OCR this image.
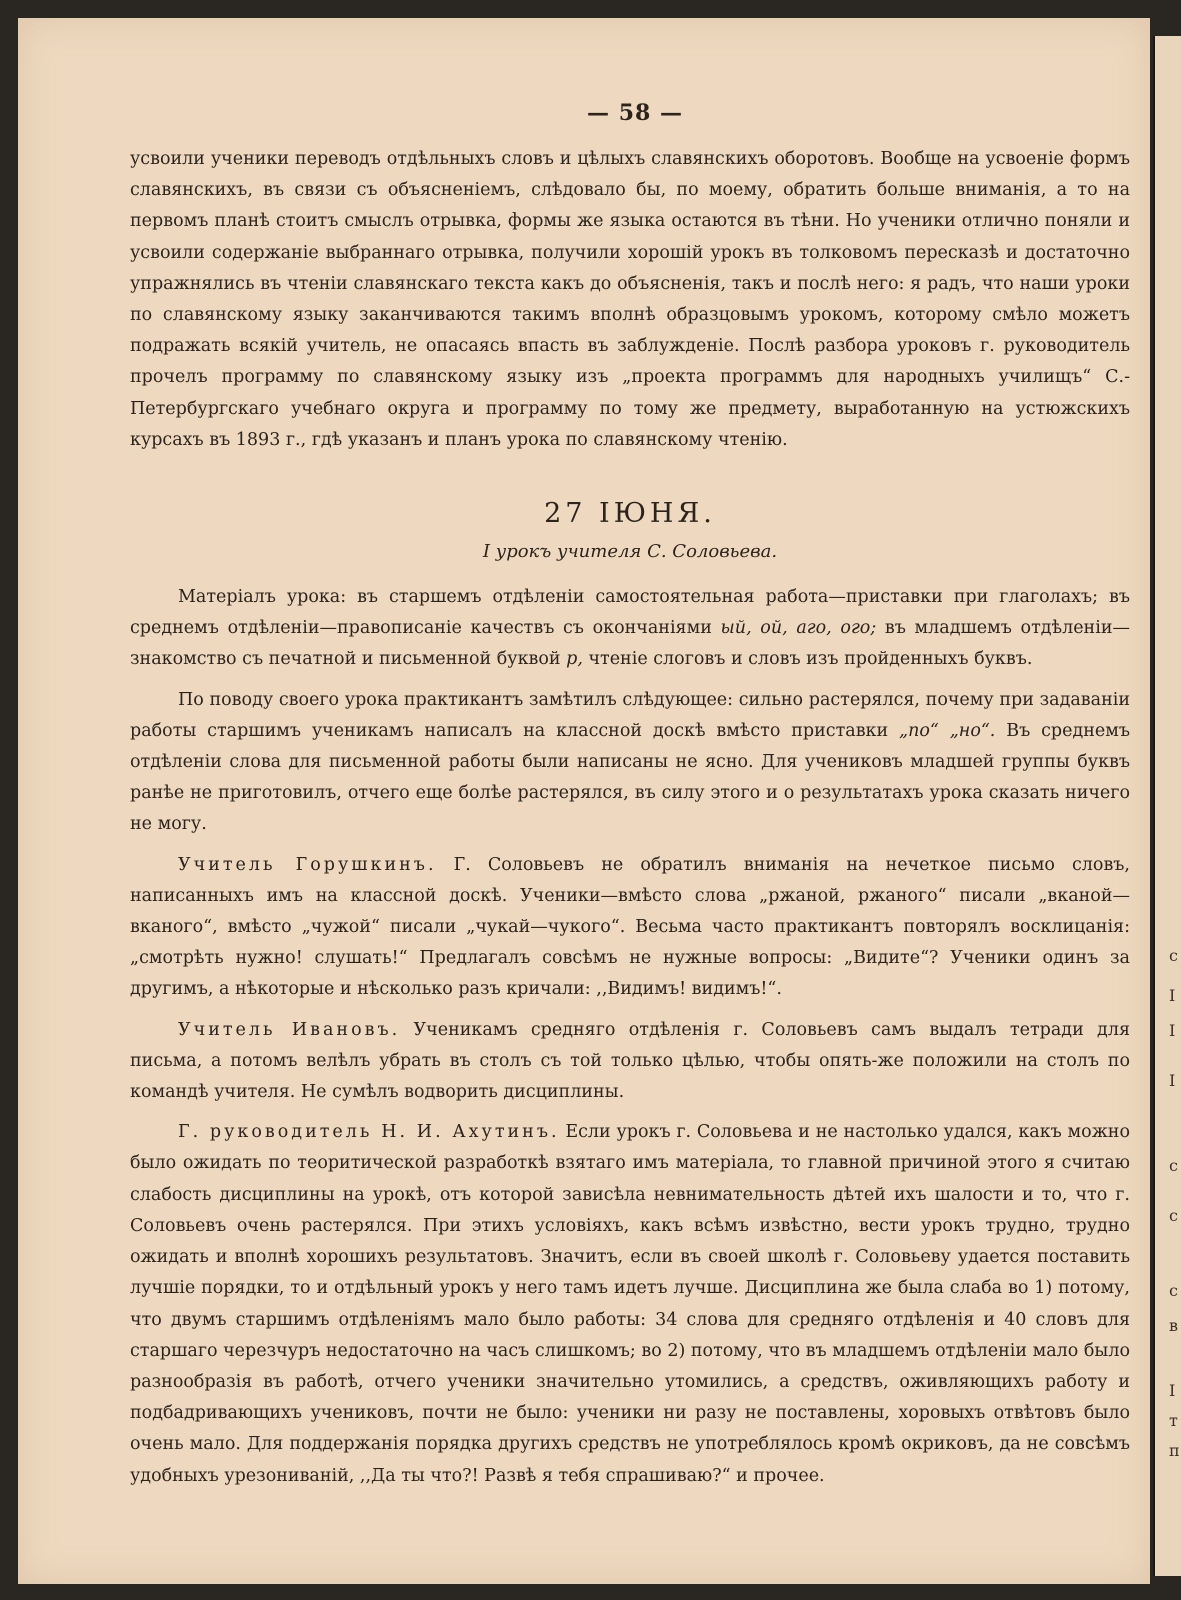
— 58 —

усвоили ученики переводъ отдѣльныхъ словъ и цѣлыхъ славянскихъ оборотовъ. Вообще на усвоеніе формъ славянскихъ, въ связи съ объясненіемъ, слѣдовало бы, по моему, обратить больше вниманія, а то на первомъ планѣ стоитъ смыслъ отрывка, формы же языка остаются въ тѣни. Но ученики отлично поняли и усвоили содержаніе выбраннаго отрывка, получили хорошій урокъ въ толковомъ пересказѣ и достаточно упражнялись въ чтеніи славянскаго текста какъ до объясненія, такъ и послѣ него: я радъ, что наши уроки по славянскому языку заканчиваются такимъ вполнѣ образцовымъ урокомъ, которому смѣло можетъ подражать всякій учитель, не опасаясь впасть въ заблужденіе. Послѣ разбора уроковъ г. руководитель прочелъ программу по славянскому языку изъ „проекта программъ для народныхъ училищъ“ С.-Петербургскаго учебнаго округа и программу по тому же предмету, выработанную на устюжскихъ курсахъ въ 1893 г., гдѣ указанъ и планъ урока по славянскому чтенію.

27 ІЮНЯ.
I урокъ учителя С. Соловьева.

Матеріалъ урока: въ старшемъ отдѣленіи самостоятельная работа—приставки при глаголахъ; въ среднемъ отдѣленіи—правописаніе качествъ съ окончаніями ый, ой, аго, ого; въ младшемъ отдѣленіи—знакомство съ печатной и письменной буквой р, чтеніе слоговъ и словъ изъ пройденныхъ буквъ.

По поводу своего урока практикантъ замѣтилъ слѣдующее: сильно растерялся, почему при задаваніи работы старшимъ ученикамъ написалъ на классной доскѣ вмѣсто приставки „по“ „но“. Въ среднемъ отдѣленіи слова для письменной работы были написаны не ясно. Для учениковъ младшей группы буквъ ранѣе не приготовилъ, отчего еще болѣе растерялся, въ силу этого и о результатахъ урока сказать ничего не могу.

Учитель Горушкинъ. Г. Соловьевъ не обратилъ вниманія на нечеткое письмо словъ, написанныхъ имъ на классной доскѣ. Ученики—вмѣсто слова „ржаной, ржаного“ писали „вканой—вканого“, вмѣсто „чужой“ писали „чукай—чукого“. Весьма часто практикантъ повторялъ восклицанія: „смотрѣть нужно! слушать!“ Предлагалъ совсѣмъ не нужные вопросы: „Видите“? Ученики одинъ за другимъ, а нѣкоторые и нѣсколько разъ кричали: ,,Видимъ! видимъ!“.

Учитель Ивановъ. Ученикамъ средняго отдѣленія г. Соловьевъ самъ выдалъ тетради для письма, а потомъ велѣлъ убрать въ столъ съ той только цѣлью, чтобы опять-же положили на столъ по командѣ учителя. Не сумѣлъ водворить дисциплины.

Г. руководитель Н. И. Ахутинъ. Если урокъ г. Соловьева и не настолько удался, какъ можно было ожидать по теоритической разработкѣ взятаго имъ матеріала, то главной причиной этого я считаю слабость дисциплины на урокѣ, отъ которой зависѣла невнимательность дѣтей ихъ шалости и то, что г. Соловьевъ очень растерялся. При этихъ условіяхъ, какъ всѣмъ извѣстно, вести урокъ трудно, трудно ожидать и вполнѣ хорошихъ результатовъ. Значитъ, если въ своей школѣ г. Соловьеву удается поставить лучшіе порядки, то и отдѣльный урокъ у него тамъ идетъ лучше. Дисциплина же была слаба во 1) потому, что двумъ старшимъ отдѣленіямъ мало было работы: 34 слова для средняго отдѣленія и 40 словъ для старшаго черезчуръ недостаточно на часъ слишкомъ; во 2) потому, что въ младшемъ отдѣленіи мало было разнообразія въ работѣ, отчего ученики значительно утомились, а средствъ, оживляющихъ работу и подбадривающихъ учениковъ, почти не было: ученики ни разу не поставлены, хоровыхъ отвѣтовъ было очень мало. Для поддержанія порядка другихъ средствъ не употреблялось кромѣ окриковъ, да не совсѣмъ удобныхъ урезониваній, ,,Да ты что?! Развѣ я тебя спрашиваю?“ и прочее.

с
I
I
I
с
с
с
в
I
т
п
